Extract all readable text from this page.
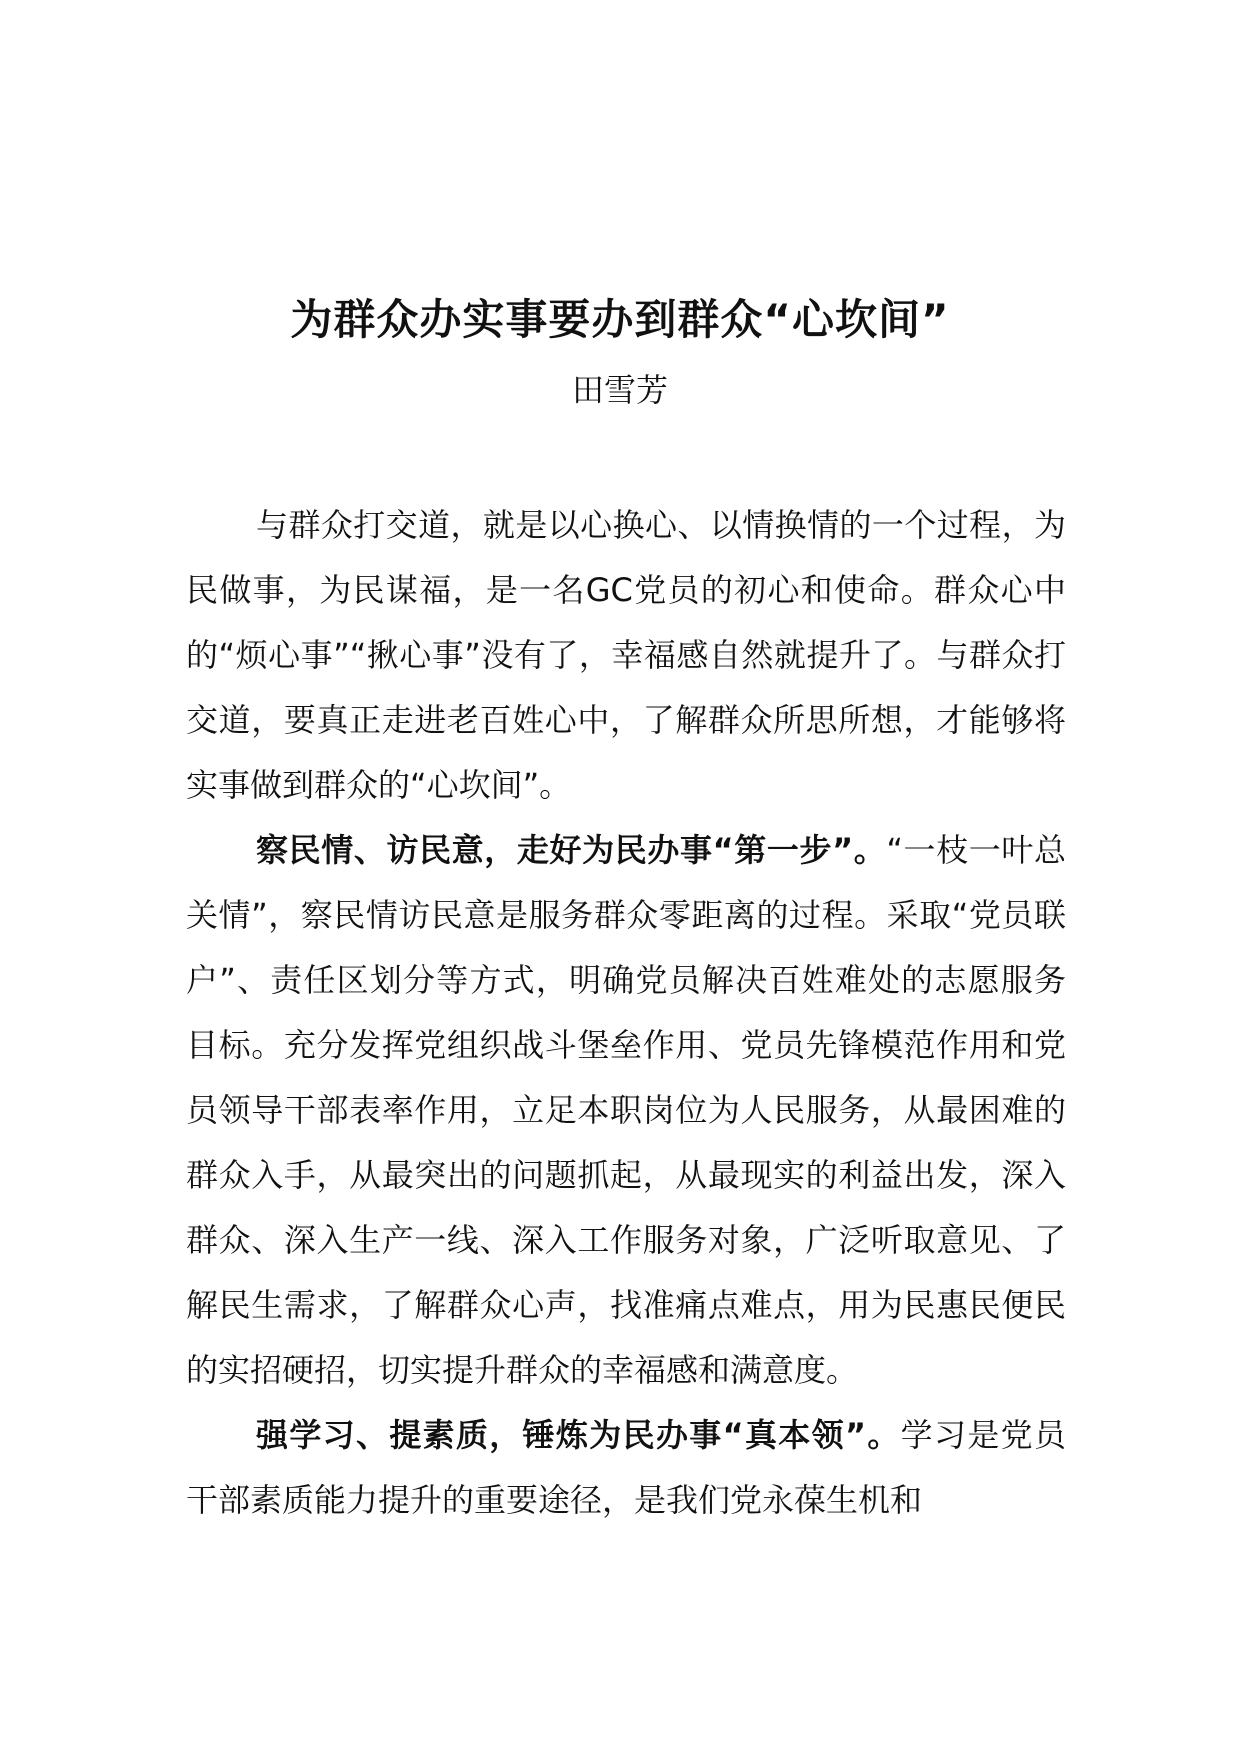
为群众办实事要办到群众“心坎间”
田雪芳

与群众打交道，就是以心换心、以情换情的一个过程，为民做事，为民谋福，是一名GC党员的初心和使命。群众心中的“烦心事”“揪心事”没有了，幸福感自然就提升了。与群众打交道，要真正走进老百姓心中，了解群众所思所想，才能够将实事做到群众的“心坎间”。

察民情、访民意，走好为民办事“第一步”。“一枝一叶总关情”，察民情访民意是服务群众零距离的过程。采取“党员联户”、责任区划分等方式，明确党员解决百姓难处的志愿服务目标。充分发挥党组织战斗堡垒作用、党员先锋模范作用和党员领导干部表率作用，立足本职岗位为人民服务，从最困难的群众入手，从最突出的问题抓起，从最现实的利益出发，深入群众、深入生产一线、深入工作服务对象，广泛听取意见、了解民生需求，了解群众心声，找准痛点难点，用为民惠民便民的实招硬招，切实提升群众的幸福感和满意度。

强学习、提素质，锤炼为民办事“真本领”。学习是党员干部素质能力提升的重要途径，是我们党永葆生机和
